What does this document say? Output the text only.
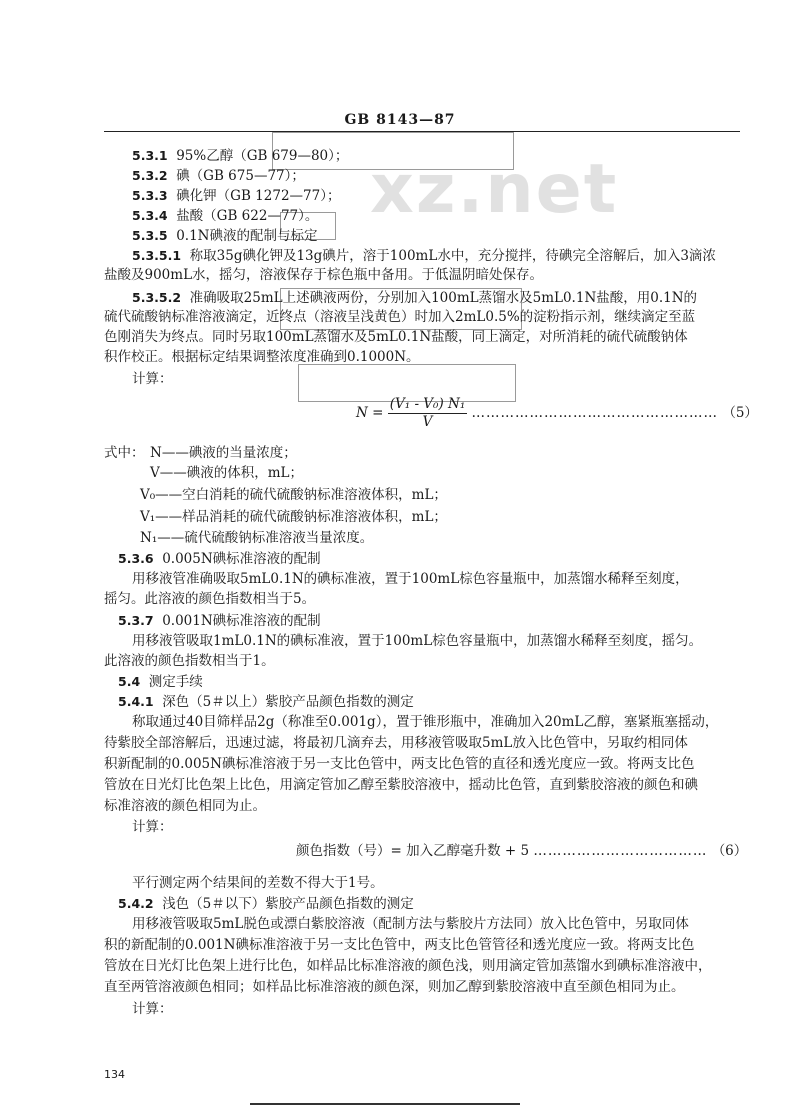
GB 8143—87
xz.net
5.3.1 95%乙醇（GB 679—80）；
5.3.2 碘（GB 675—77）；
5.3.3 碘化钾（GB 1272—77）；
5.3.4 盐酸（GB 622—77）。
5.3.5 0.1N碘液的配制与标定
5.3.5.1 称取35g碘化钾及13g碘片，溶于100mL水中，充分搅拌，待碘完全溶解后，加入3滴浓
盐酸及900mL水，摇匀，溶液保存于棕色瓶中备用。于低温阴暗处保存。
5.3.5.2 准确吸取25mL上述碘液两份，分别加入100mL蒸馏水及5mL0.1N盐酸，用0.1N的
硫代硫酸钠标准溶液滴定，近终点（溶液呈浅黄色）时加入2mL0.5%的淀粉指示剂，继续滴定至蓝
色刚消失为终点。同时另取100mL蒸馏水及5mL0.1N盐酸，同上滴定，对所消耗的硫代硫酸钠体
积作校正。根据标定结果调整浓度准确到0.1000N。
计算：
$N = \frac{\text{(V₁ - V₀) N₁}}{V}$ …………………………………………… （5）
式中： N——碘液的当量浓度；
V——碘液的体积，mL；
V₀——空白消耗的硫代硫酸钠标准溶液体积，mL；
V₁——样品消耗的硫代硫酸钠标准溶液体积，mL；
N₁——硫代硫酸钠标准溶液当量浓度。
5.3.6 0.005N碘标准溶液的配制
用移液管准确吸取5mL0.1N的碘标准液，置于100mL棕色容量瓶中，加蒸馏水稀释至刻度，
摇匀。此溶液的颜色指数相当于5。
5.3.7 0.001N碘标准溶液的配制
用移液管吸取1mL0.1N的碘标准液，置于100mL棕色容量瓶中，加蒸馏水稀释至刻度，摇匀。
此溶液的颜色指数相当于1。
5.4 测定手续
5.4.1 深色（5＃以上）紫胶产品颜色指数的测定
称取通过40目筛样品2g（称准至0.001g），置于锥形瓶中，准确加入20mL乙醇，塞紧瓶塞摇动，
待紫胶全部溶解后，迅速过滤，将最初几滴弃去，用移液管吸取5mL放入比色管中，另取约相同体
积新配制的0.005N碘标准溶液于另一支比色管中，两支比色管的直径和透光度应一致。将两支比色
管放在日光灯比色架上比色，用滴定管加乙醇至紫胶溶液中，摇动比色管，直到紫胶溶液的颜色和碘
标准溶液的颜色相同为止。
计算：
颜色指数（号）= 加入乙醇毫升数 + 5 ……………………………… （6）
平行测定两个结果间的差数不得大于1号。
5.4.2 浅色（5＃以下）紫胶产品颜色指数的测定
用移液管吸取5mL脱色或漂白紫胶溶液（配制方法与紫胶片方法同）放入比色管中，另取同体
积的新配制的0.001N碘标准溶液于另一支比色管中，两支比色管管径和透光度应一致。将两支比色
管放在日光灯比色架上进行比色，如样品比标准溶液的颜色浅，则用滴定管加蒸馏水到碘标准溶液中，
直至两管溶液颜色相同；如样品比标准溶液的颜色深，则加乙醇到紫胶溶液中直至颜色相同为止。
计算：
134
